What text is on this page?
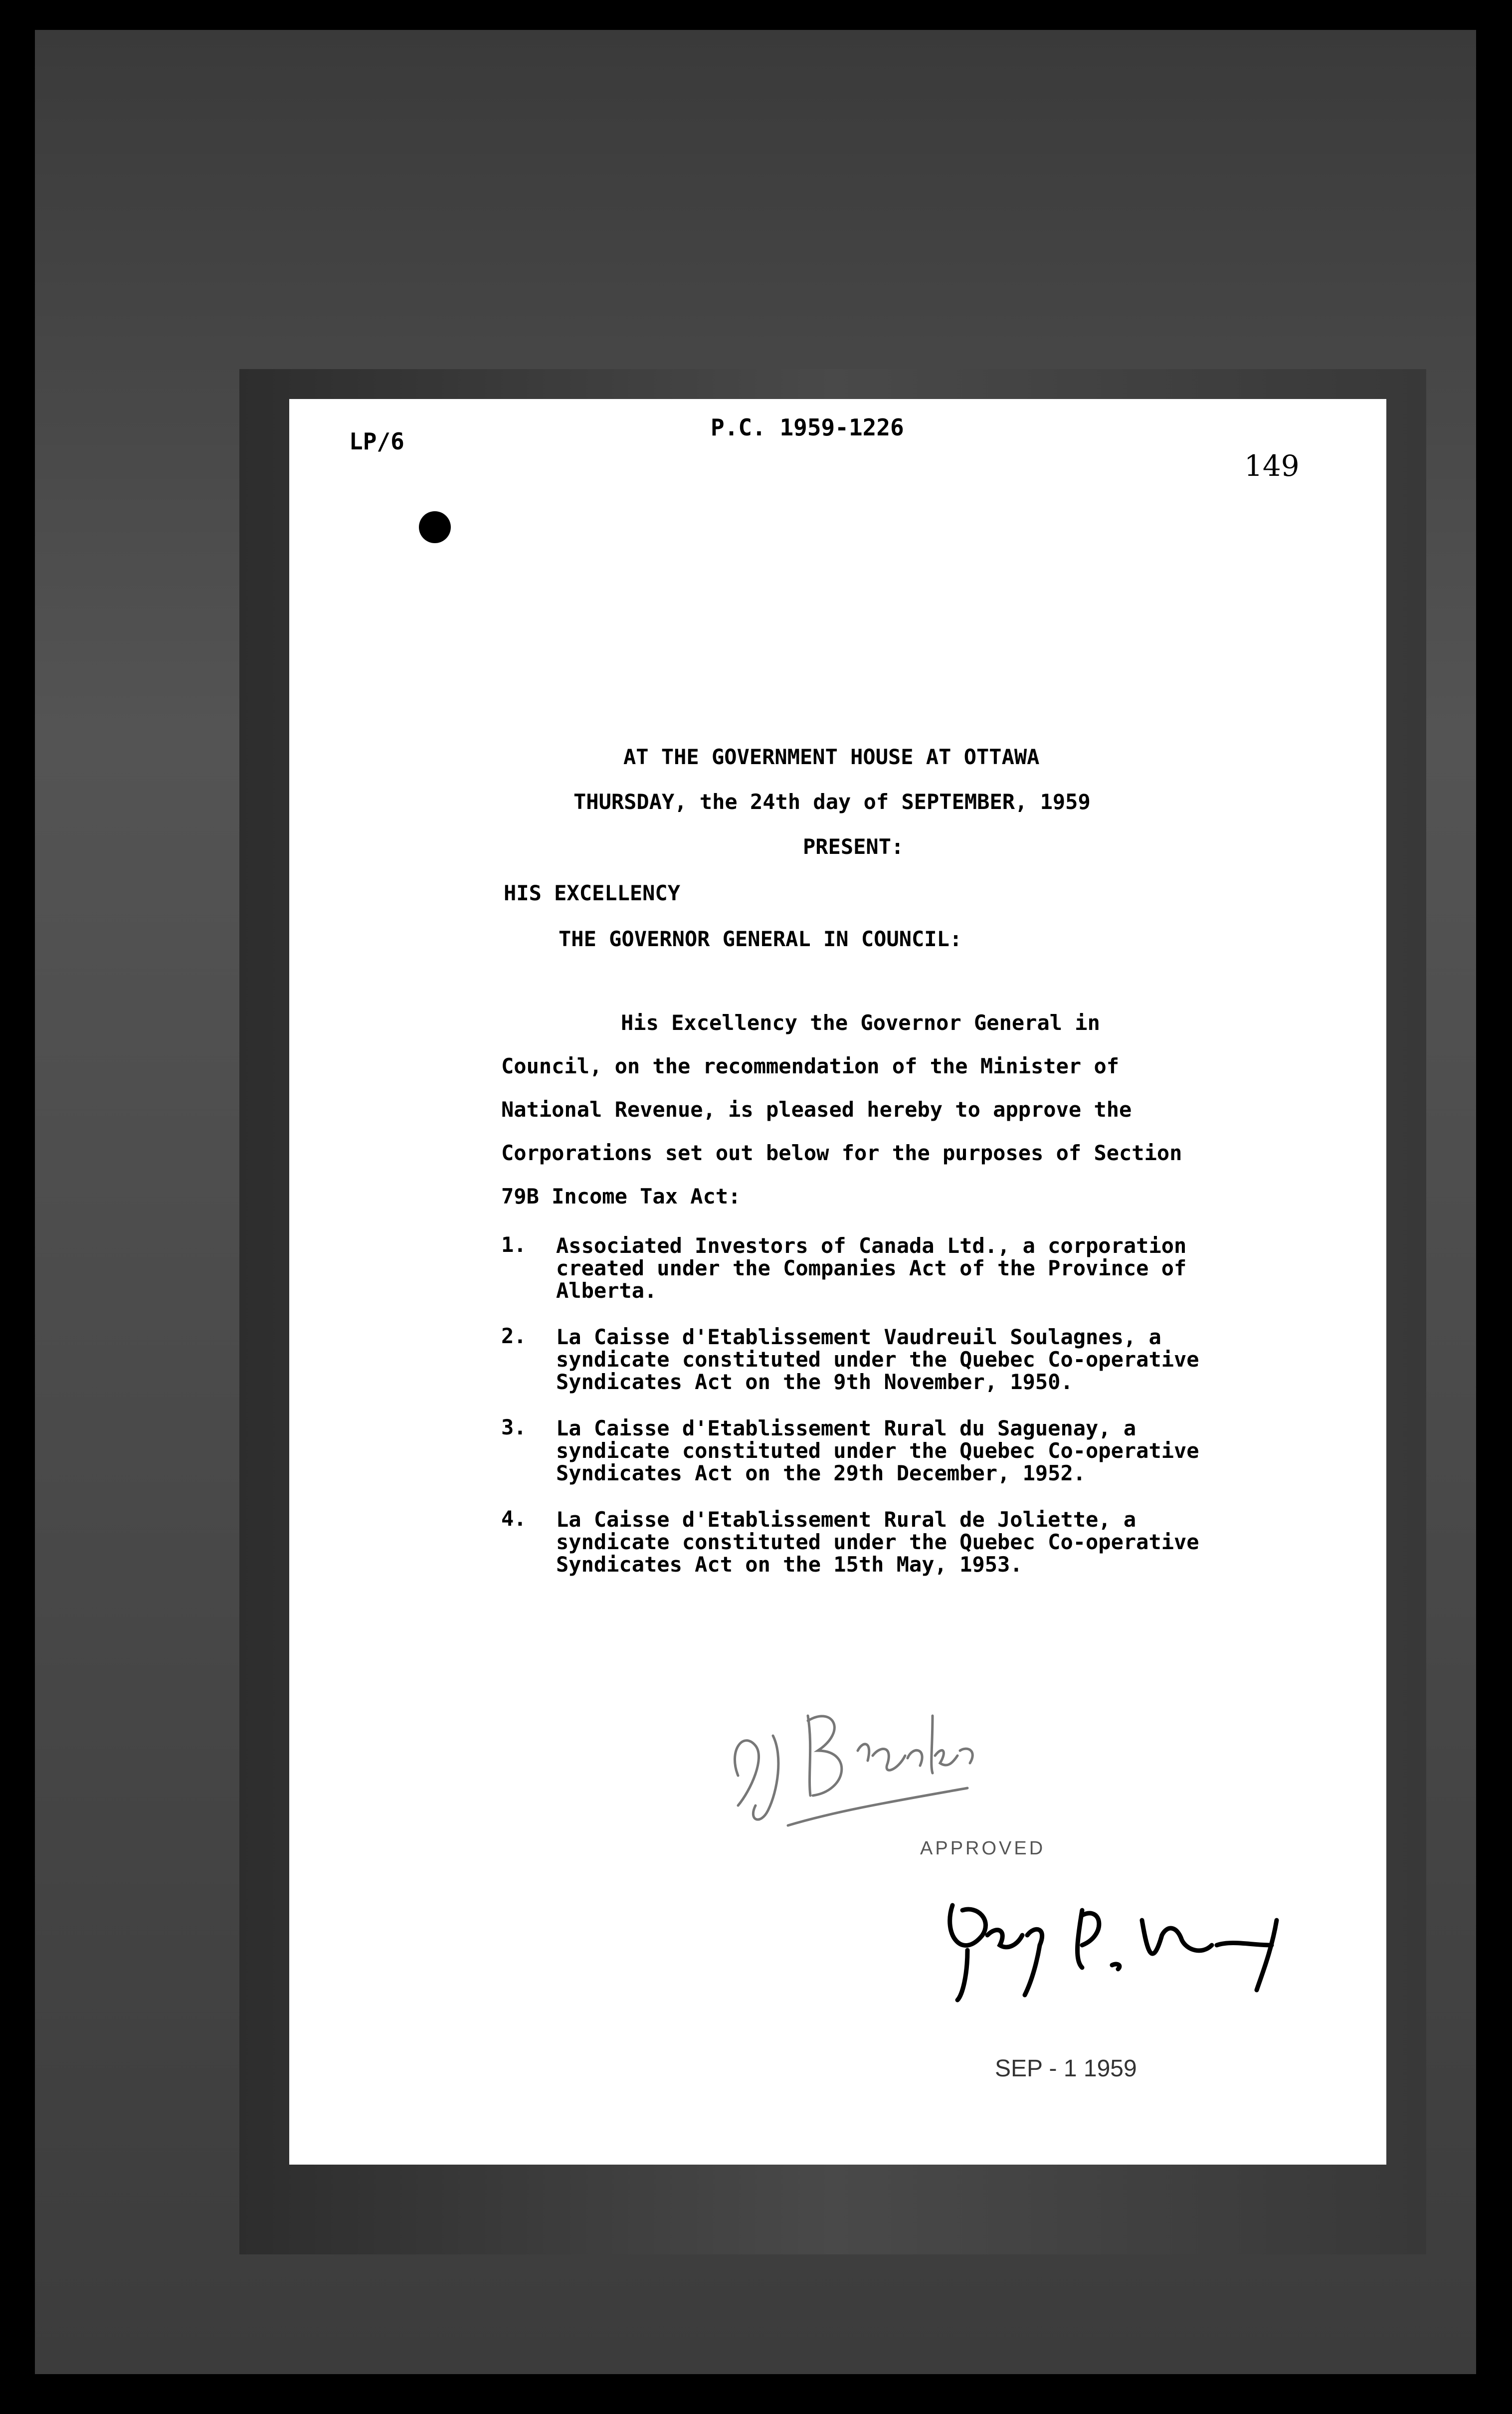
LP/6
P.C. 1959-1226
149
AT THE GOVERNMENT HOUSE AT OTTAWA
THURSDAY, the 24th day of SEPTEMBER, 1959
PRESENT:
HIS EXCELLENCY
THE GOVERNOR GENERAL IN COUNCIL:
His Excellency the Governor General in
Council, on the recommendation of the Minister of
National Revenue, is pleased hereby to approve the
Corporations set out below for the purposes of Section
79B Income Tax Act:
1.	Associated Investors of Canada Ltd., a corporation
created under the Companies Act of the Province of
Alberta.
2.	La Caisse d'Etablissement Vaudreuil Soulagnes, a
syndicate constituted under the Quebec Co-operative
Syndicates Act on the 9th November, 1950.
3.	La Caisse d'Etablissement Rural du Saguenay, a
syndicate constituted under the Quebec Co-operative
Syndicates Act on the 29th December, 1952.
4.	La Caisse d'Etablissement Rural de Joliette, a
syndicate constituted under the Quebec Co-operative
Syndicates Act on the 15th May, 1953.
APPROVED
SEP - 1 1959
